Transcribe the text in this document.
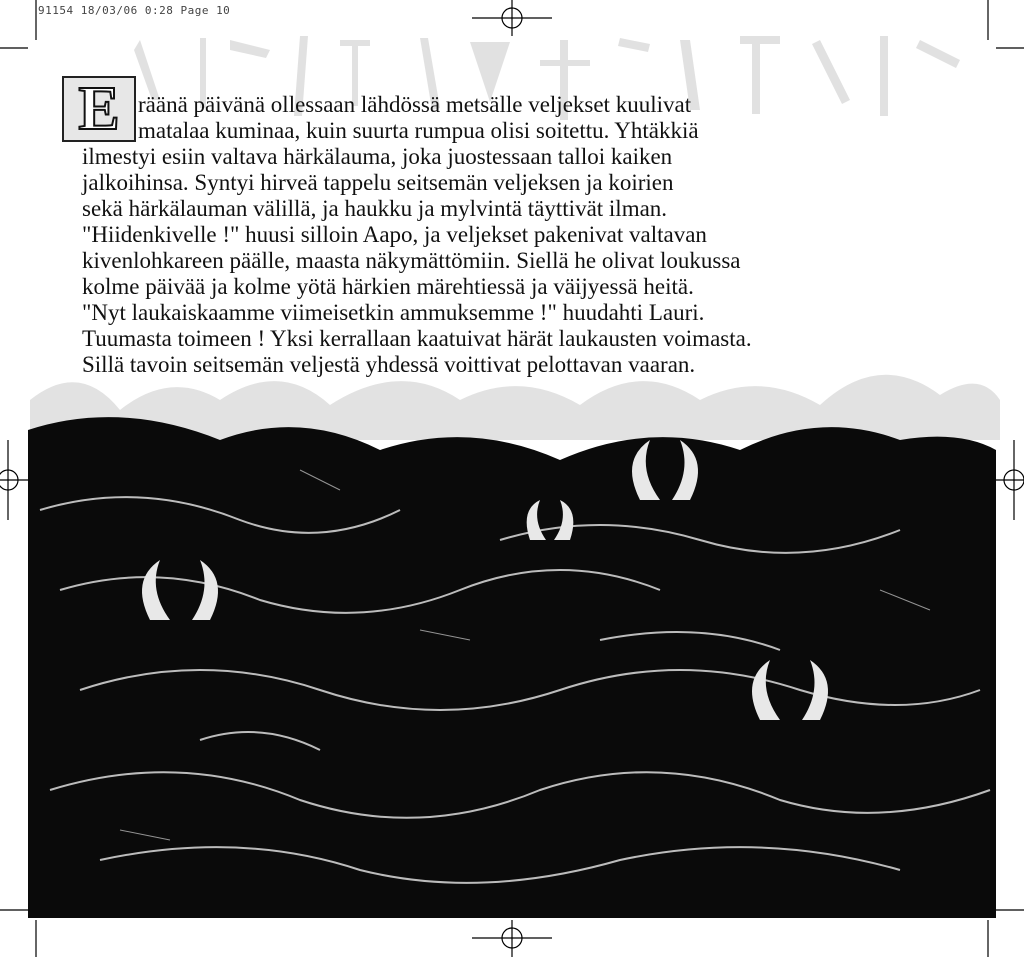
91154 18/03/06 0:28 Page 10
E räänä päivänä ollessaan lähdössä metsälle veljekset kuulivat
matalaa kuminaa, kuin suurta rumpua olisi soitettu. Yhtäkkiä
ilmestyi esiin valtava härkälauma, joka juostessaan talloi kaiken
jalkoihinsa. Syntyi hirveä tappelu seitsemän veljeksen ja koirien
sekä härkälauman välillä, ja haukku ja mylvintä täyttivät ilman.
"Hiidenkivelle !" huusi silloin Aapo, ja veljekset pakenivat valtavan
kivenlohkareen päälle, maasta näkymättömiin. Siellä he olivat loukussa
kolme päivää ja kolme yötä härkien märehtiessä ja väijyessä heitä.
"Nyt laukaiskaamme viimeisetkin ammuksemme !" huudahti Lauri.
Tuumasta toimeen ! Yksi kerrallaan kaatuivat härät laukausten voimasta.
Sillä tavoin seitsemän veljestä yhdessä voittivat pelottavan vaaran.
